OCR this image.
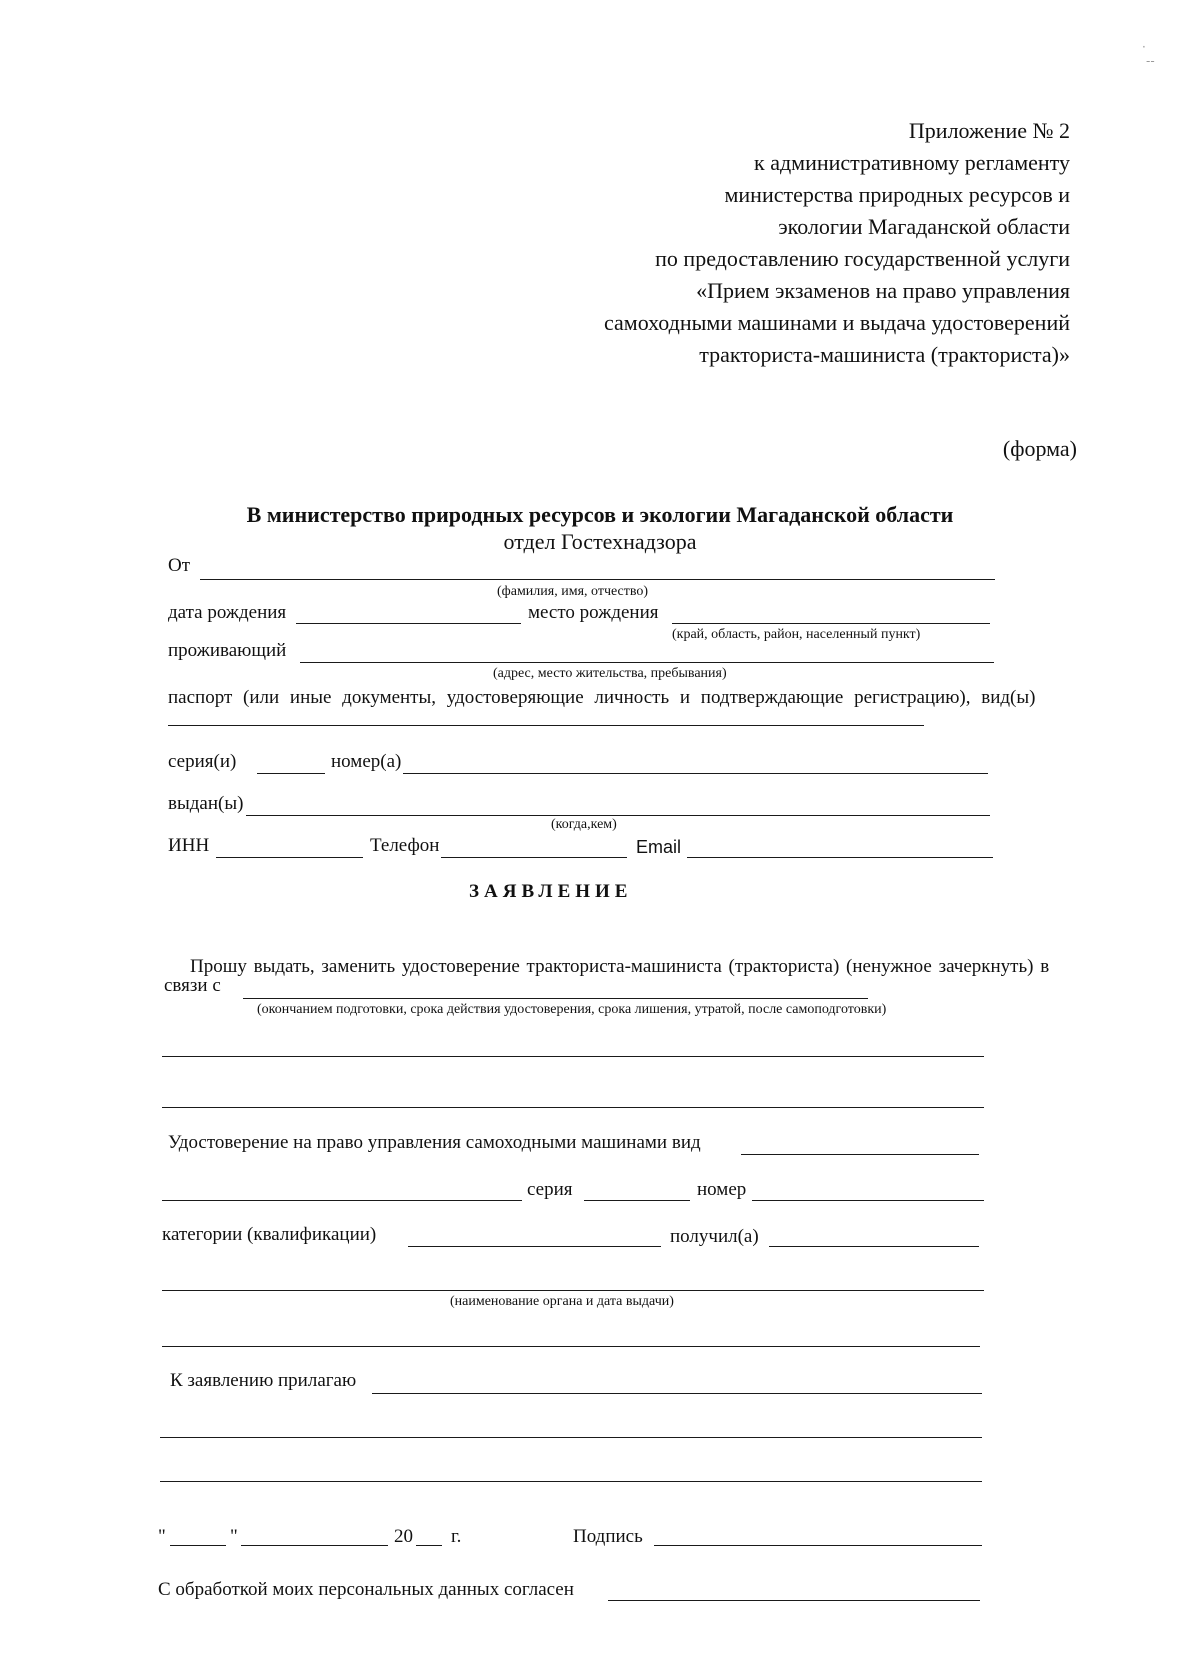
·
-‑
Приложение № 2
к административному регламенту
министерства природных ресурсов и
экологии Магаданской области
по предоставлению государственной услуги
«Прием экзаменов на право управления
самоходными машинами и выдача удостоверений
тракториста-машиниста (тракториста)»
(форма)
В министерство природных ресурсов и экологии Магаданской области
отдел Гостехнадзора
От
(фамилия, имя, отчество)
дата рождения	место рождения
(край, область, район, населенный пункт)
проживающий
(адрес, место жительства, пребывания)
паспорт (или иные документы, удостоверяющие личность и подтверждающие регистрацию), вид(ы)
серия(и)	номер(а)
выдан(ы)
(когда,кем)
ИНН	Телефон	Email
ЗАЯВЛЕНИЕ
Прошу выдать, заменить удостоверение тракториста-машиниста (тракториста) (ненужное зачеркнуть) в
связи с
(окончанием подготовки, срока действия удостоверения, срока лишения, утратой, после самоподготовки)
Удостоверение на право управления самоходными машинами вид
серия	номер
категории (квалификации)	получил(а)
(наименование органа и дата выдачи)
К заявлению прилагаю
"	"	20 г.	Подпись
С обработкой моих персональных данных согласен
